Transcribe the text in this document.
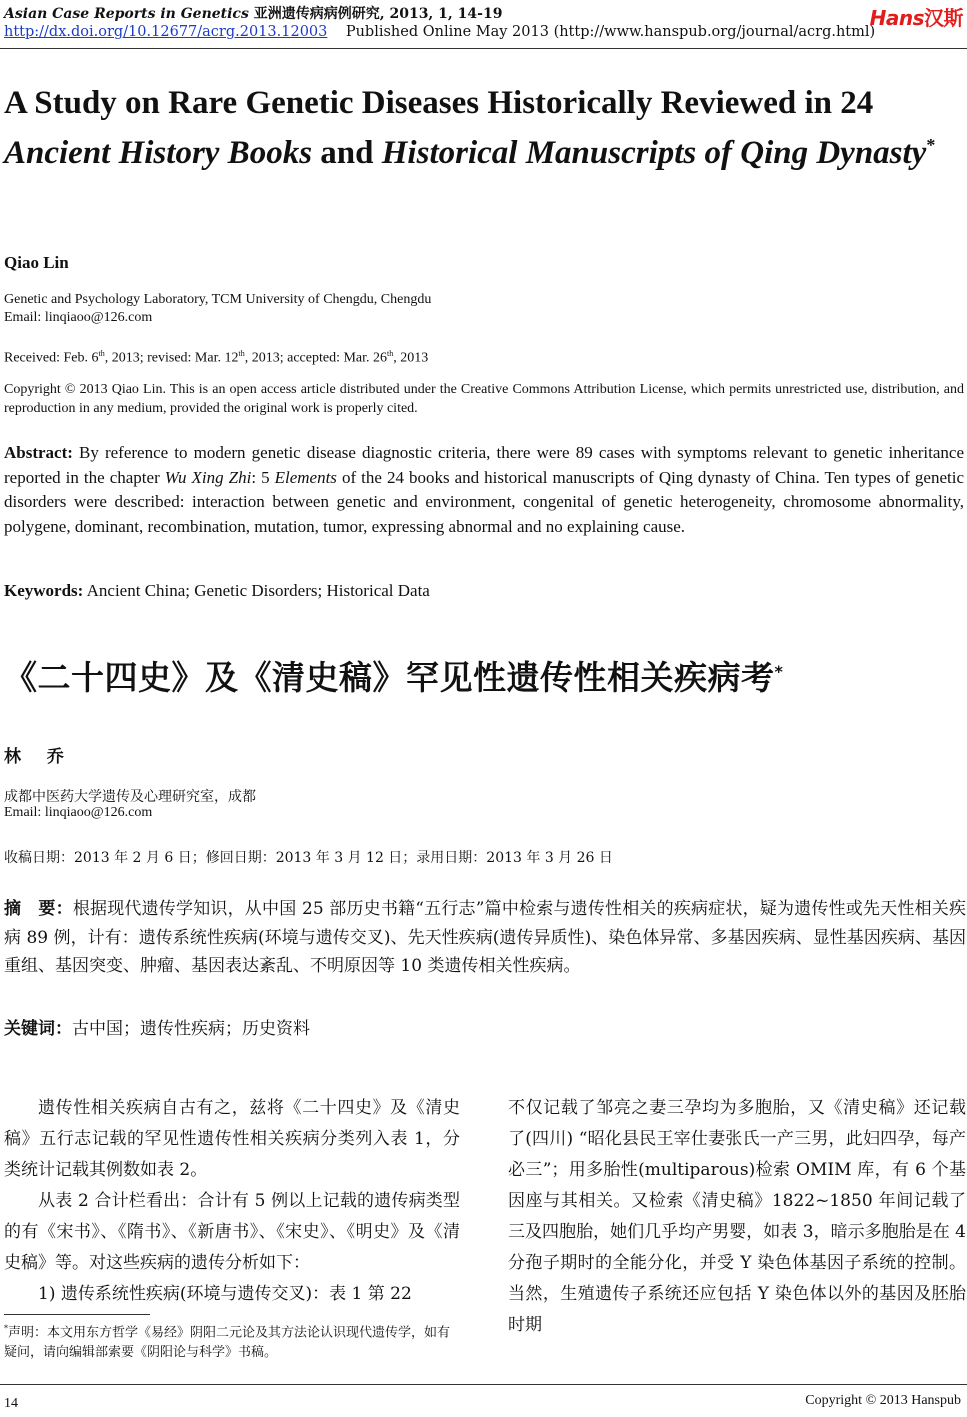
Asian Case Reports in Genetics 亚洲遗传病病例研究, 2013, 1, 14-19
http://dx.doi.org/10.12677/acrg.2013.12003 Published Online May 2013 (http://www.hanspub.org/journal/acrg.html)
Hans汉斯
A Study on Rare Genetic Diseases Historically Reviewed in 24 Ancient History Books and Historical Manuscripts of Qing Dynasty*
Qiao Lin
Genetic and Psychology Laboratory, TCM University of Chengdu, Chengdu
Email: linqiaoo@126.com
Received: Feb. 6th, 2013; revised: Mar. 12th, 2013; accepted: Mar. 26th, 2013
Copyright © 2013 Qiao Lin. This is an open access article distributed under the Creative Commons Attribution License, which permits unrestricted use, distribution, and reproduction in any medium, provided the original work is properly cited.
Abstract: By reference to modern genetic disease diagnostic criteria, there were 89 cases with symptoms relevant to genetic inheritance reported in the chapter Wu Xing Zhi: 5 Elements of the 24 books and historical manuscripts of Qing dynasty of China. Ten types of genetic disorders were described: interaction between genetic and environment, congenital of genetic heterogeneity, chromosome abnormality, polygene, dominant, recombination, mutation, tumor, expressing abnormal and no explaining cause.
Keywords: Ancient China; Genetic Disorders; Historical Data
《二十四史》及《清史稿》罕见性遗传性相关疾病考*
林 乔
成都中医药大学遗传及心理研究室，成都
Email: linqiaoo@126.com
收稿日期：2013 年 2 月 6 日；修回日期：2013 年 3 月 12 日；录用日期：2013 年 3 月 26 日
摘　要：根据现代遗传学知识，从中国 25 部历史书籍“五行志”篇中检索与遗传性相关的疾病症状，疑为遗传性或先天性相关疾病 89 例，计有：遗传系统性疾病(环境与遗传交叉)、先天性疾病(遗传异质性)、染色体异常、多基因疾病、显性基因疾病、基因重组、基因突变、肿瘤、基因表达紊乱、不明原因等 10 类遗传相关性疾病。
关键词：古中国；遗传性疾病；历史资料
遗传性相关疾病自古有之，兹将《二十四史》及《清史稿》五行志记载的罕见性遗传性相关疾病分类列入表 1，分类统计记载其例数如表 2。
从表 2 合计栏看出：合计有 5 例以上记载的遗传病类型的有《宋书》、《隋书》、《新唐书》、《宋史》、《明史》及《清史稿》等。对这些疾病的遗传分析如下：
1) 遗传系统性疾病(环境与遗传交叉)：表 1 第 22
不仅记载了邹亮之妻三孕均为多胞胎，又《清史稿》还记载了(四川) “昭化县民王宰仕妻张氏一产三男，此妇四孕，每产必三”；用多胎性(multiparous)检索 OMIM 库，有 6 个基因座与其相关。又检索《清史稿》1822~1850 年间记载了三及四胞胎，她们几乎均产男婴，如表 3，暗示多胞胎是在 4 分孢子期时的全能分化，并受 Y 染色体基因子系统的控制。当然，生殖遗传子系统还应包括 Y 染色体以外的基因及胚胎时期
*声明：本文用东方哲学《易经》阴阳二元论及其方法论认识现代遗传学，如有疑问，请向编辑部索要《阴阳论与科学》书稿。
14	Copyright © 2013 Hanspub
